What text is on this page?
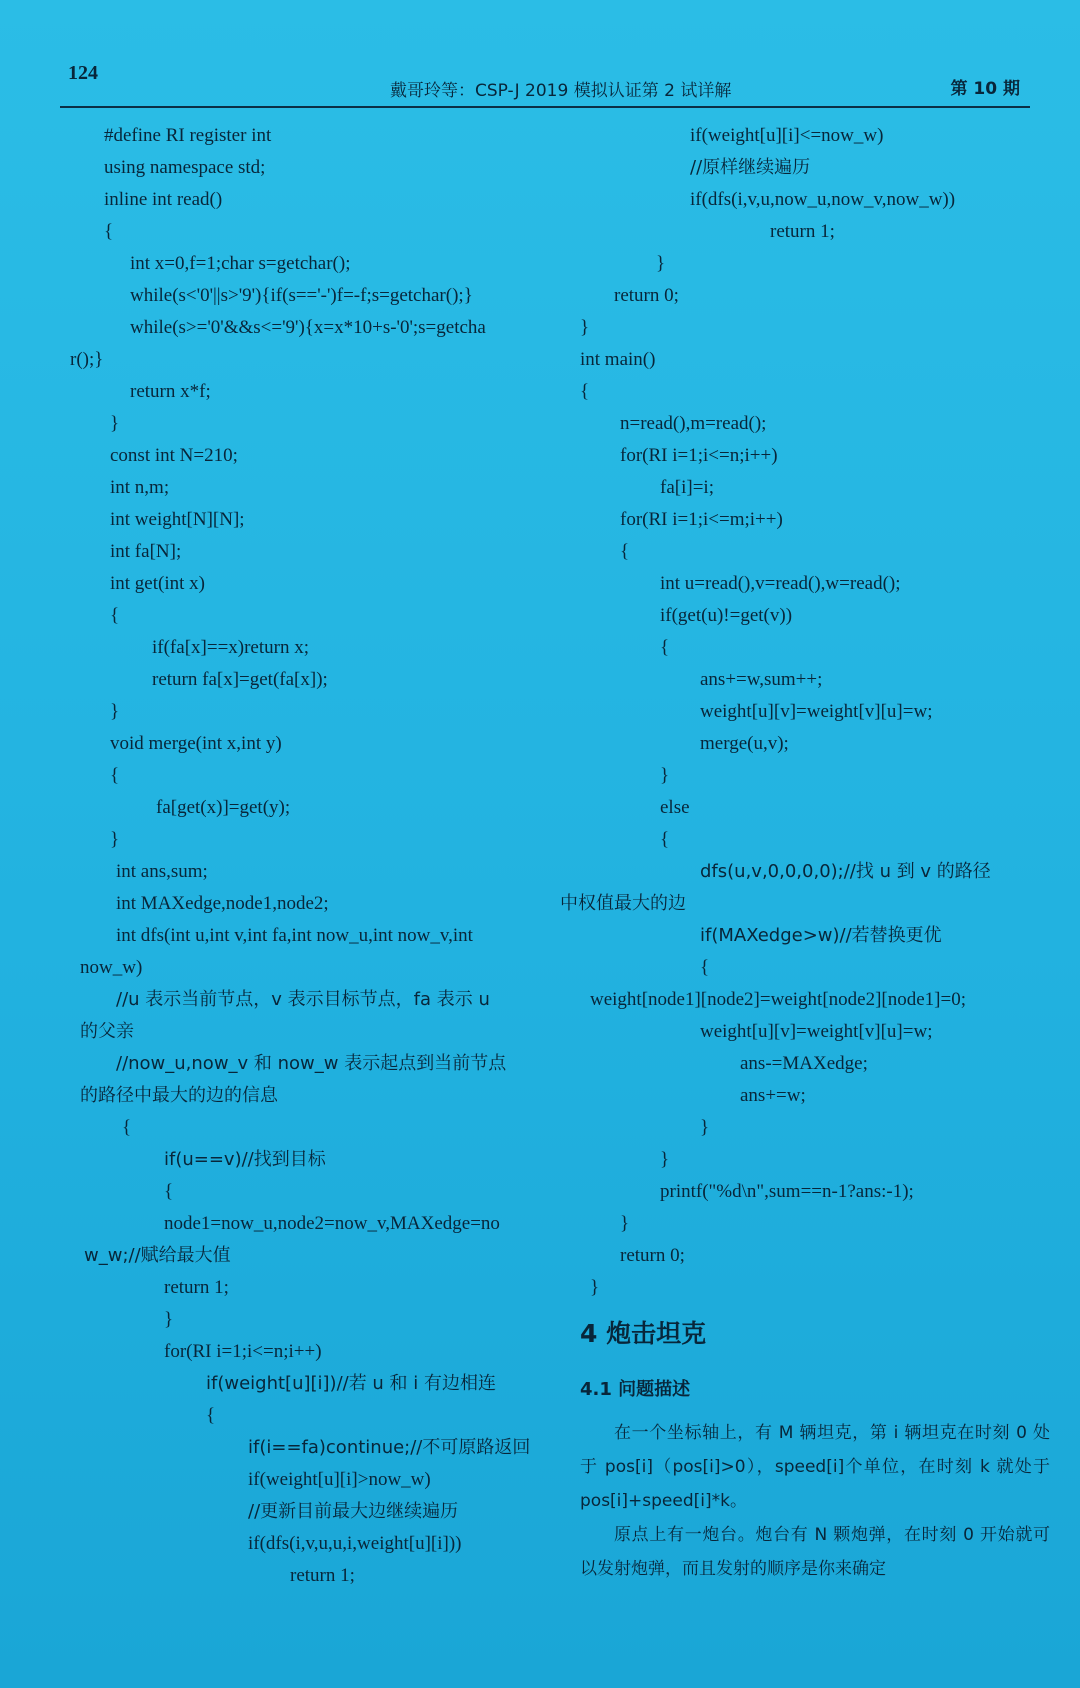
124
戴哥玲等：CSP-J 2019 模拟认证第 2 试详解	第 10 期
#define RI register int
using namespace std;
inline int read()
{
int x=0,f=1;char s=getchar();
while(s<'0'||s>'9'){if(s=='-')f=-f;s=getchar();}
while(s>='0'&&s<='9'){x=x*10+s-'0';s=getcha
r();}
return x*f;
}
const int N=210;
int n,m;
int weight[N][N];
int fa[N];
int get(int x)
{
if(fa[x]==x)return x;
return fa[x]=get(fa[x]);
}
void merge(int x,int y)
{
fa[get(x)]=get(y);
}
int ans,sum;
int MAXedge,node1,node2;
int dfs(int u,int v,int fa,int now_u,int now_v,int
now_w)
//u 表示当前节点，v 表示目标节点，fa 表示 u
的父亲
//now_u,now_v 和 now_w 表示起点到当前节点
的路径中最大的边的信息
{
if(u==v)//找到目标
{
node1=now_u,node2=now_v,MAXedge=no
w_w;//赋给最大值
return 1;
}
for(RI i=1;i<=n;i++)
if(weight[u][i])//若 u 和 i 有边相连
{
if(i==fa)continue;//不可原路返回
if(weight[u][i]>now_w)
//更新目前最大边继续遍历
if(dfs(i,v,u,u,i,weight[u][i]))
return 1;
if(weight[u][i]<=now_w)
//原样继续遍历
if(dfs(i,v,u,now_u,now_v,now_w))
return 1;
}
return 0;
}
int main()
{
n=read(),m=read();
for(RI i=1;i<=n;i++)
fa[i]=i;
for(RI i=1;i<=m;i++)
{
int u=read(),v=read(),w=read();
if(get(u)!=get(v))
{
ans+=w,sum++;
weight[u][v]=weight[v][u]=w;
merge(u,v);
}
else
{
dfs(u,v,0,0,0,0);//找 u 到 v 的路径
中权值最大的边
if(MAXedge>w)//若替换更优
{
weight[node1][node2]=weight[node2][node1]=0;
weight[u][v]=weight[v][u]=w;
ans-=MAXedge;
ans+=w;
}
}
printf("%d\n",sum==n-1?ans:-1);
}
return 0;
}
4 炮击坦克
4.1 问题描述

在一个坐标轴上，有 M 辆坦克，第 i 辆坦克在时刻 0 处于 pos[i]（pos[i]>0），speed[i]个单位，在时刻 k 就处于 pos[i]+speed[i]*k。

原点上有一炮台。炮台有 N 颗炮弹，在时刻 0 开始就可以发射炮弹，而且发射的顺序是你来确定
